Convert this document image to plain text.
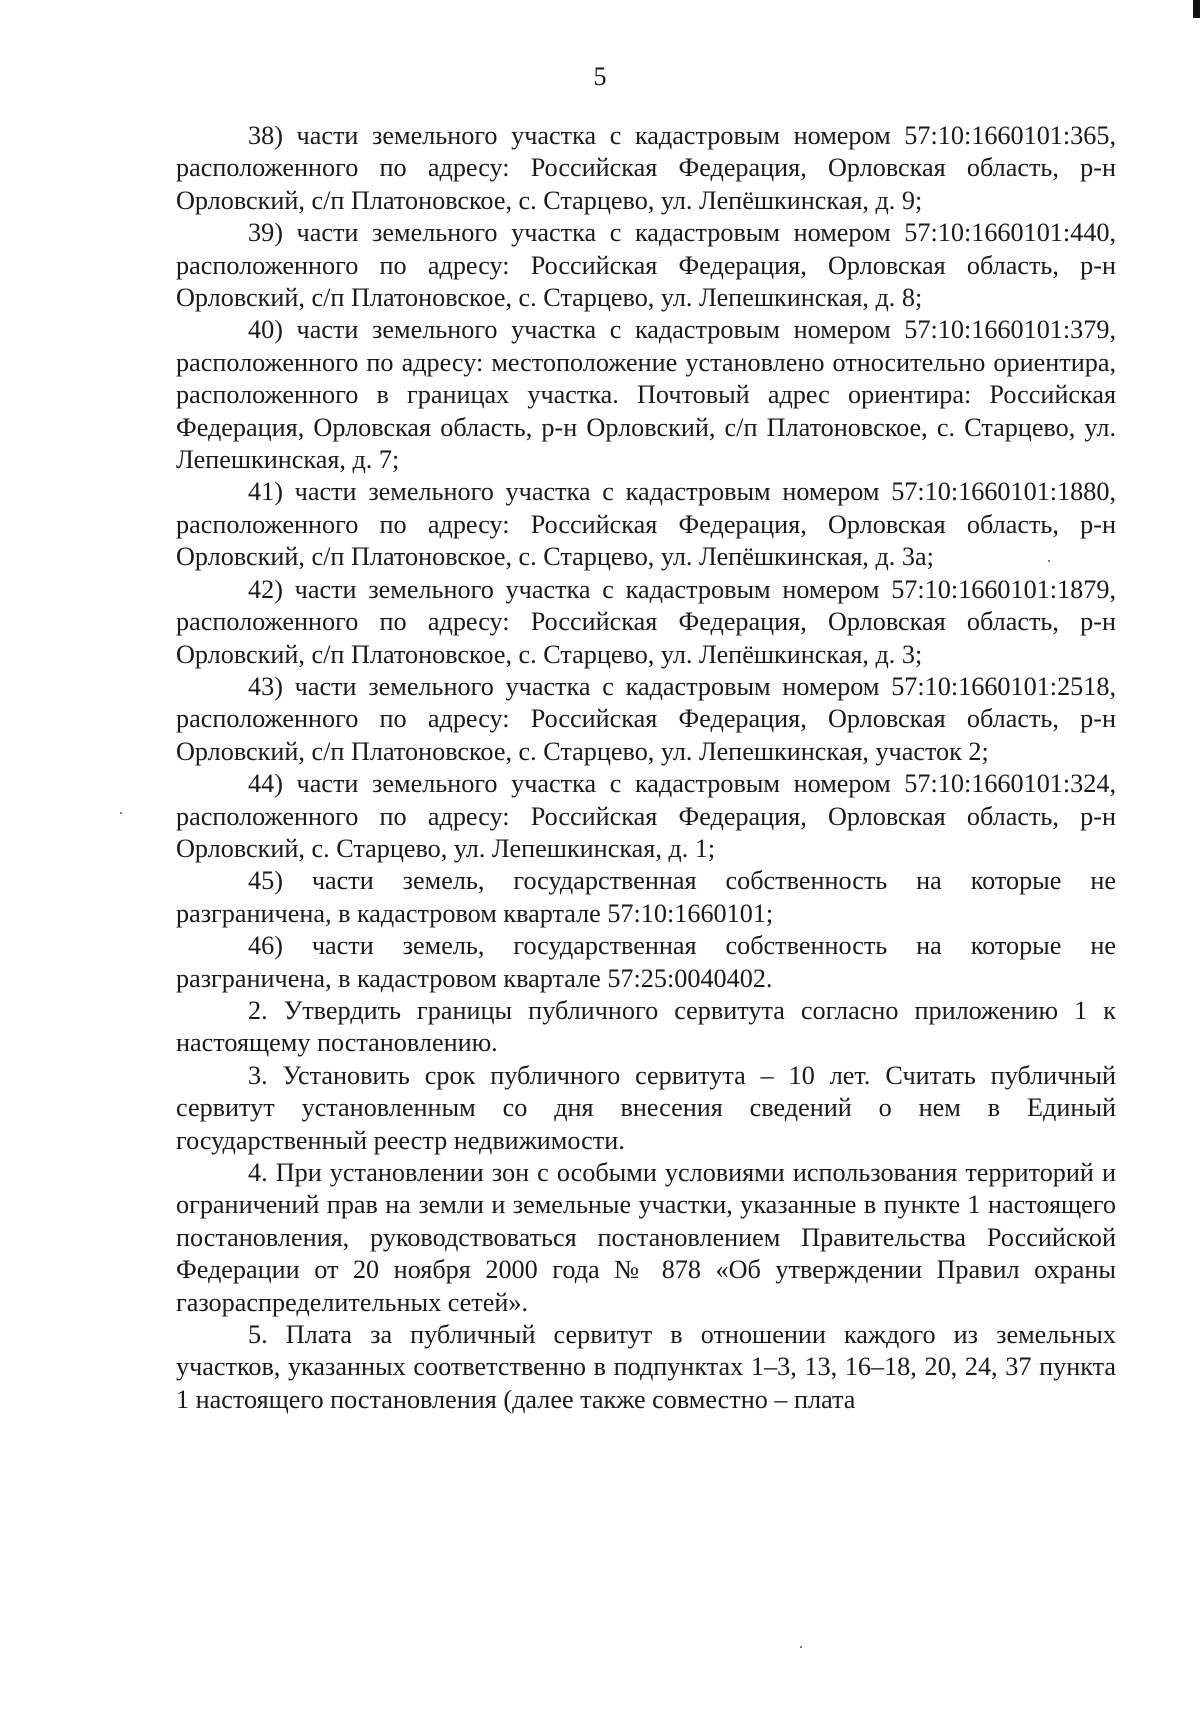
5

38) части земельного участка с кадастровым номером 57:10:1660101:365, расположенного по адресу: Российская Федерация, Орловская область, р-н Орловский, с/п Платоновское, с. Старцево, ул. Лепёшкинская, д. 9;

39) части земельного участка с кадастровым номером 57:10:1660101:440, расположенного по адресу: Российская Федерация, Орловская область, р-н Орловский, с/п Платоновское, с. Старцево, ул. Лепешкинская, д. 8;

40) части земельного участка с кадастровым номером 57:10:1660101:379, расположенного по адресу: местоположение установлено относительно ориентира, расположенного в границах участка. Почтовый адрес ориентира: Российская Федерация, Орловская область, р-н Орловский, с/п Платоновское, с. Старцево, ул. Лепешкинская, д. 7;

41) части земельного участка с кадастровым номером 57:10:1660101:1880, расположенного по адресу: Российская Федерация, Орловская область, р-н Орловский, с/п Платоновское, с. Старцево, ул. Лепёшкинская, д. 3а;

42) части земельного участка с кадастровым номером 57:10:1660101:1879, расположенного по адресу: Российская Федерация, Орловская область, р-н Орловский, с/п Платоновское, с. Старцево, ул. Лепёшкинская, д. 3;

43) части земельного участка с кадастровым номером 57:10:1660101:2518, расположенного по адресу: Российская Федерация, Орловская область, р-н Орловский, с/п Платоновское, с. Старцево, ул. Лепешкинская, участок 2;

44) части земельного участка с кадастровым номером 57:10:1660101:324, расположенного по адресу: Российская Федерация, Орловская область, р-н Орловский, с. Старцево, ул. Лепешкинская, д. 1;

45) части земель, государственная собственность на которые не разграничена, в кадастровом квартале 57:10:1660101;

46) части земель, государственная собственность на которые не разграничена, в кадастровом квартале 57:25:0040402.

2. Утвердить границы публичного сервитута согласно приложению 1 к настоящему постановлению.

3. Установить срок публичного сервитута – 10 лет. Считать публичный сервитут установленным со дня внесения сведений о нем в Единый государственный реестр недвижимости.

4. При установлении зон с особыми условиями использования территорий и ограничений прав на земли и земельные участки, указанные в пункте 1 настоящего постановления, руководствоваться постановлением Правительства Российской Федерации от 20 ноября 2000 года № 878 «Об утверждении Правил охраны газораспределительных сетей».

5. Плата за публичный сервитут в отношении каждого из земельных участков, указанных соответственно в подпунктах 1–3, 13, 16–18, 20, 24, 37 пункта 1 настоящего постановления (далее также совместно – плата
